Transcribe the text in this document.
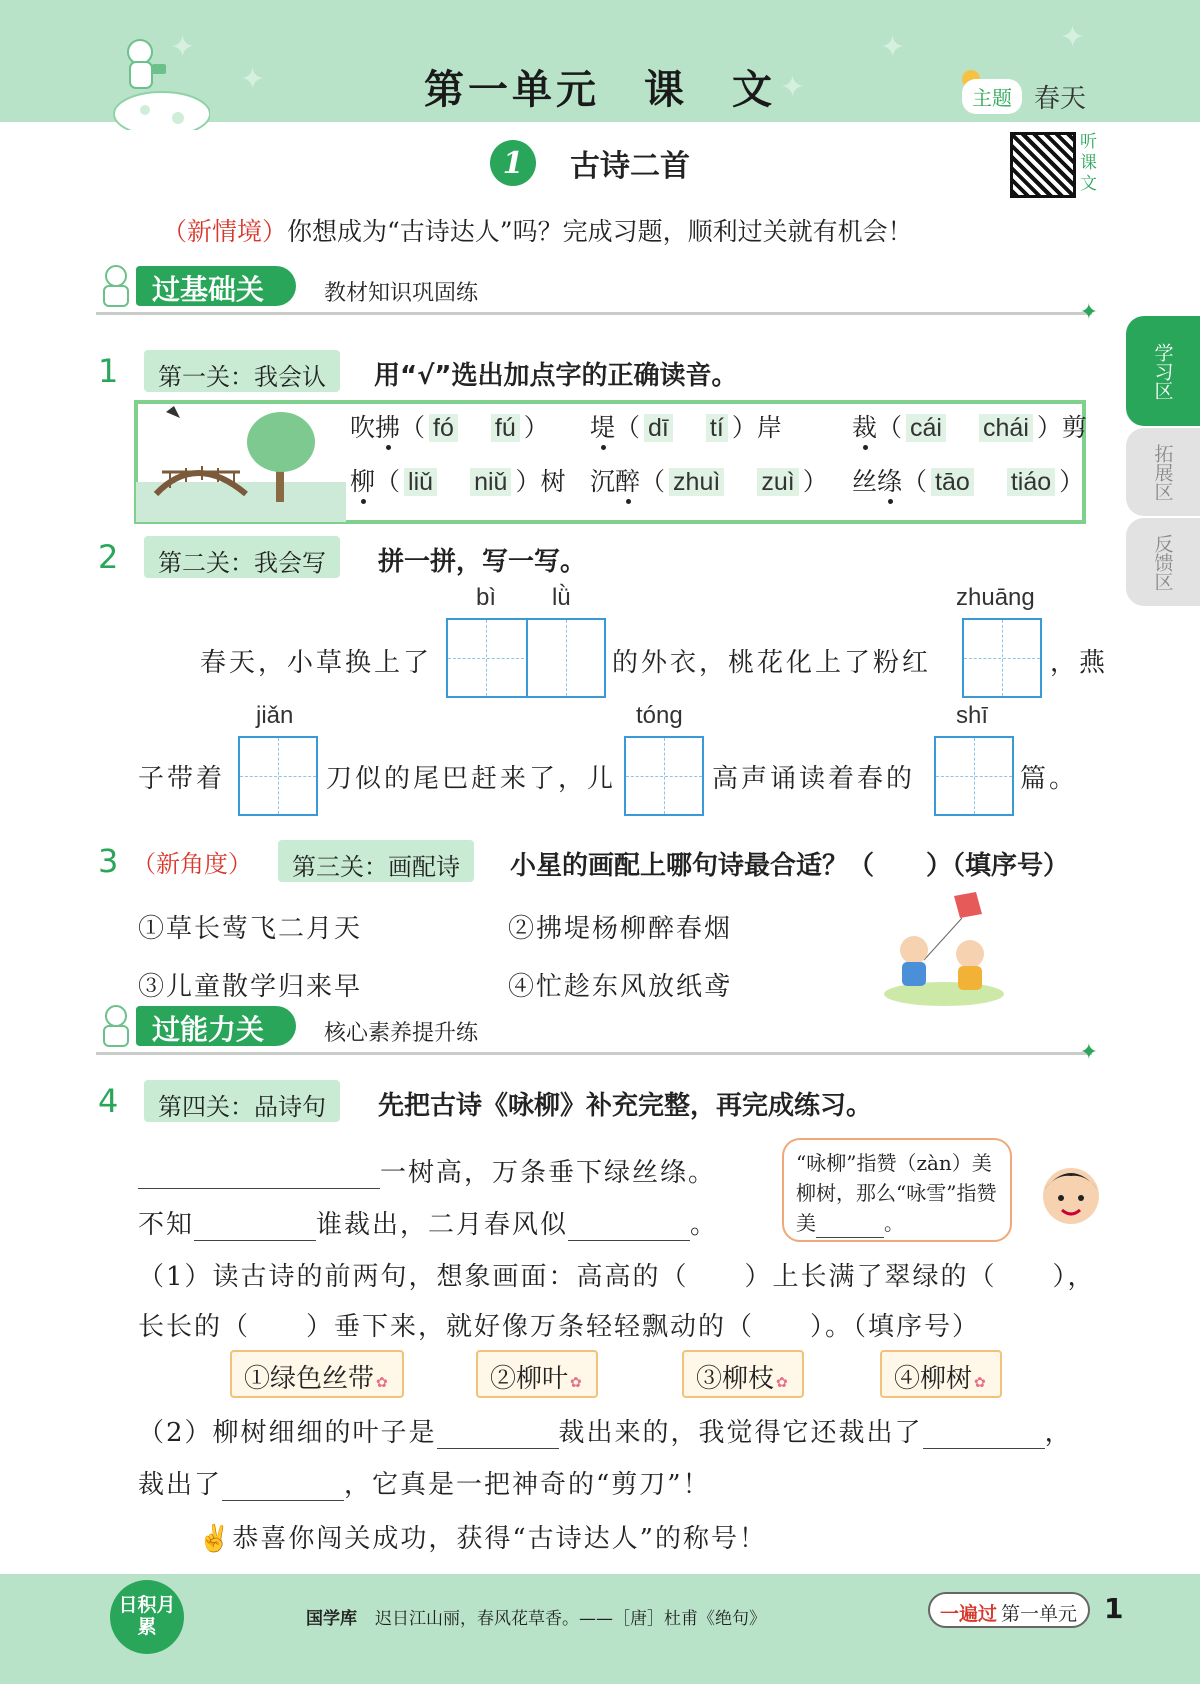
✦
✦	✦
✦	✦
第一单元　课　文	主题 春天
1	古诗二首
听课文
（新情境）你想成为“古诗达人”吗？完成习题，顺利过关就有机会！
过基础关	教材知识巩固练
✦
学习区
拓展区
反馈区
1	第一关：我会认	用“√”选出加点字的正确读音。
吹拂（ fó　 fú ） 堤（ dī　 tí ）岸	裁（ cái　 chái ）剪
柳（ liǔ　 niǔ ）树 沉醉（ zhuì　 zuì ） 丝绦（ tāo　 tiáo ）
2	第二关：我会写	拼一拼，写一写。
bì lǜ	zhuāng
春天，小草换上了	的外衣，桃花化上了粉红	，燕
jiǎn	tóng	shī
子带着	刀似的尾巴赶来了，儿	高声诵读着春的	篇。
3 （新角度）	第三关：画配诗	小星的画配上哪句诗最合适？（　　）（填序号）
①草长莺飞二月天	②拂堤杨柳醉春烟
③儿童散学归来早	④忙趁东风放纸鸢
过能力关	核心素养提升练
✦
4	第四关：品诗句	先把古诗《咏柳》补充完整，再完成练习。
一树高，万条垂下绿丝绦。
不知	谁裁出，二月春风似	。
“咏柳”指赞（zàn）美柳树，那么“咏雪”指赞美	。
（1）读古诗的前两句，想象画面：高高的（　　）上长满了翠绿的（　　），
长长的（　　）垂下来，就好像万条轻轻飘动的（　　）。（填序号）
①绿色丝带 ✿	②柳叶 ✿	③柳枝 ✿	④柳树 ✿
（2）柳树细细的叶子是	裁出来的，我觉得它还裁出了	，
裁出了	，它真是一把神奇的“剪刀”！
✌恭喜你闯关成功，获得“古诗达人”的称号！
日积月累	国学库 迟日江山丽，春风花草香。——［唐］杜甫《绝句》	一遍过 第一单元 1
